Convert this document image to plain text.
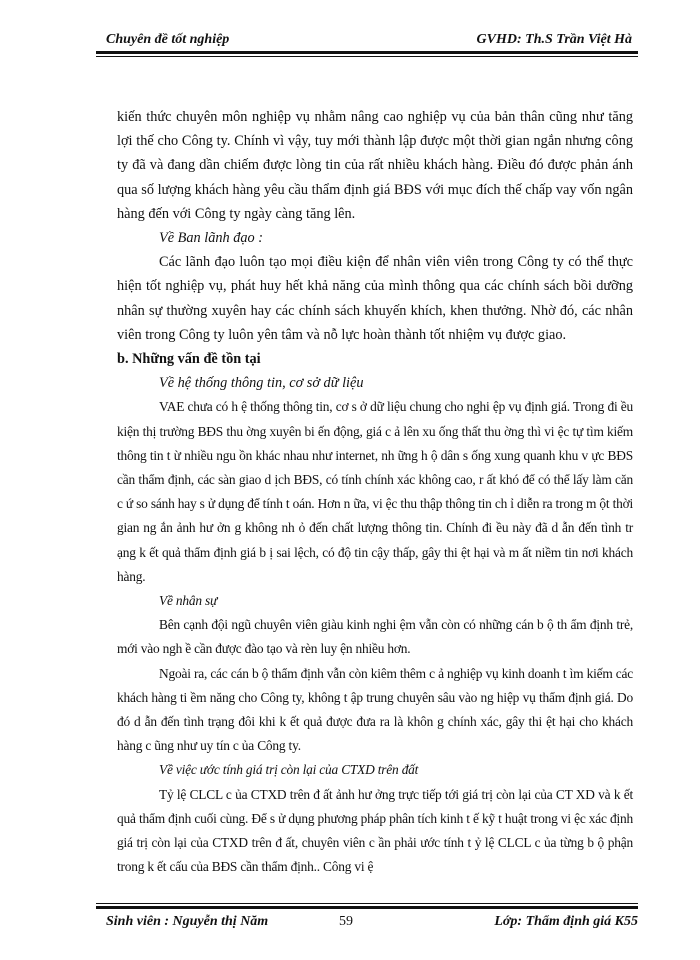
Chuyên đề tốt nghiệp	GVHD: Th.S Trần Việt Hà

kiến thức chuyên môn nghiệp vụ nhằm nâng cao nghiệp vụ của bản thân cũng như tăng lợi thế cho Công ty. Chính vì vậy, tuy mới thành lập được một thời gian ngắn nhưng công ty đã và đang dần chiếm được lòng tin của rất nhiều khách hàng. Điều đó được phản ánh qua số lượng khách hàng yêu cầu thẩm định giá BĐS với mục đích thế chấp vay vốn ngân hàng đến với Công ty ngày càng tăng lên.

Về Ban lãnh đạo :

Các lãnh đạo luôn tạo mọi điều kiện để nhân viên viên trong Công ty có thể thực hiện tốt nghiệp vụ, phát huy hết khả năng của mình thông qua các chính sách bồi dưỡng nhân sự thường xuyên hay các chính sách khuyến khích, khen thưởng. Nhờ đó, các nhân viên trong Công ty luôn yên tâm và nỗ lực hoàn thành tốt nhiệm vụ được giao.

b. Những vấn đề tồn tại

Về hệ thống thông tin, cơ sở dữ liệu

VAE chưa có h ệ thống thông tin, cơ s ở dữ liệu chung cho nghi ệp vụ định giá. Trong đi ều kiện thị trường BĐS thu ờng xuyên bi ến động, giá c ả lên xu ống thất thu ờng thì vi ệc tự tìm kiếm thông tin t ừ nhiều ngu ồn khác nhau như internet, nh ững h ộ dân s ống xung quanh khu v ực BĐS cần thẩm định, các sàn giao d ịch BĐS, có tính chính xác không cao, r ất khó để có thể lấy làm căn c ứ so sánh hay s ử dụng để tính t oán. Hơn n ữa, vi ệc thu thập thông tin ch ỉ diễn ra trong m ột thời gian ng ắn ảnh hư ởn g không nh ỏ đến chất lượng thông tin. Chính đi ều này đã d ẫn đến tình tr ạng k ết quả thẩm định giá b ị sai lệch, có độ tin cậy thấp, gây thi ệt hại và m ất niềm tin nơi khách hàng.

Về nhân sự

Bên cạnh đội ngũ chuyên viên giàu kinh nghi ệm vẫn còn có những cán b ộ th ẩm định trẻ, mới vào ngh ề cần được đào tạo và rèn luy ện nhiều hơn.

Ngoài ra, các cán b ộ thẩm định vẫn còn kiêm thêm c ả nghiệp vụ kinh doanh t ìm kiếm các khách hàng ti ềm năng cho Công ty, không t ập trung chuyên sâu vào ng hiệp vụ thẩm định giá. Do đó d ẫn đến tình trạng đôi khi k ết quả được đưa ra là khôn g chính xác, gây thi ệt hại cho khách hàng c ũng như uy tín c ủa Công ty.

Về việc ước tính giá trị còn lại của CTXD trên đất

Tỷ lệ CLCL c ủa CTXD trên đ ất ảnh hư ởng trực tiếp tới giá trị còn lại của CT XD và k ết quả thẩm định cuối cùng. Để s ử dụng phương pháp phân tích kinh t ế kỹ t huật trong vi ệc xác định giá trị còn lại của CTXD trên đ ất, chuyên viên c ần phải ước tính t ỷ lệ CLCL c ủa từng b ộ phận trong k ết cấu của BĐS cần thẩm định.. Công vi ệ

Sinh viên : Nguyễn thị Năm	59	Lớp: Thẩm định giá K55
